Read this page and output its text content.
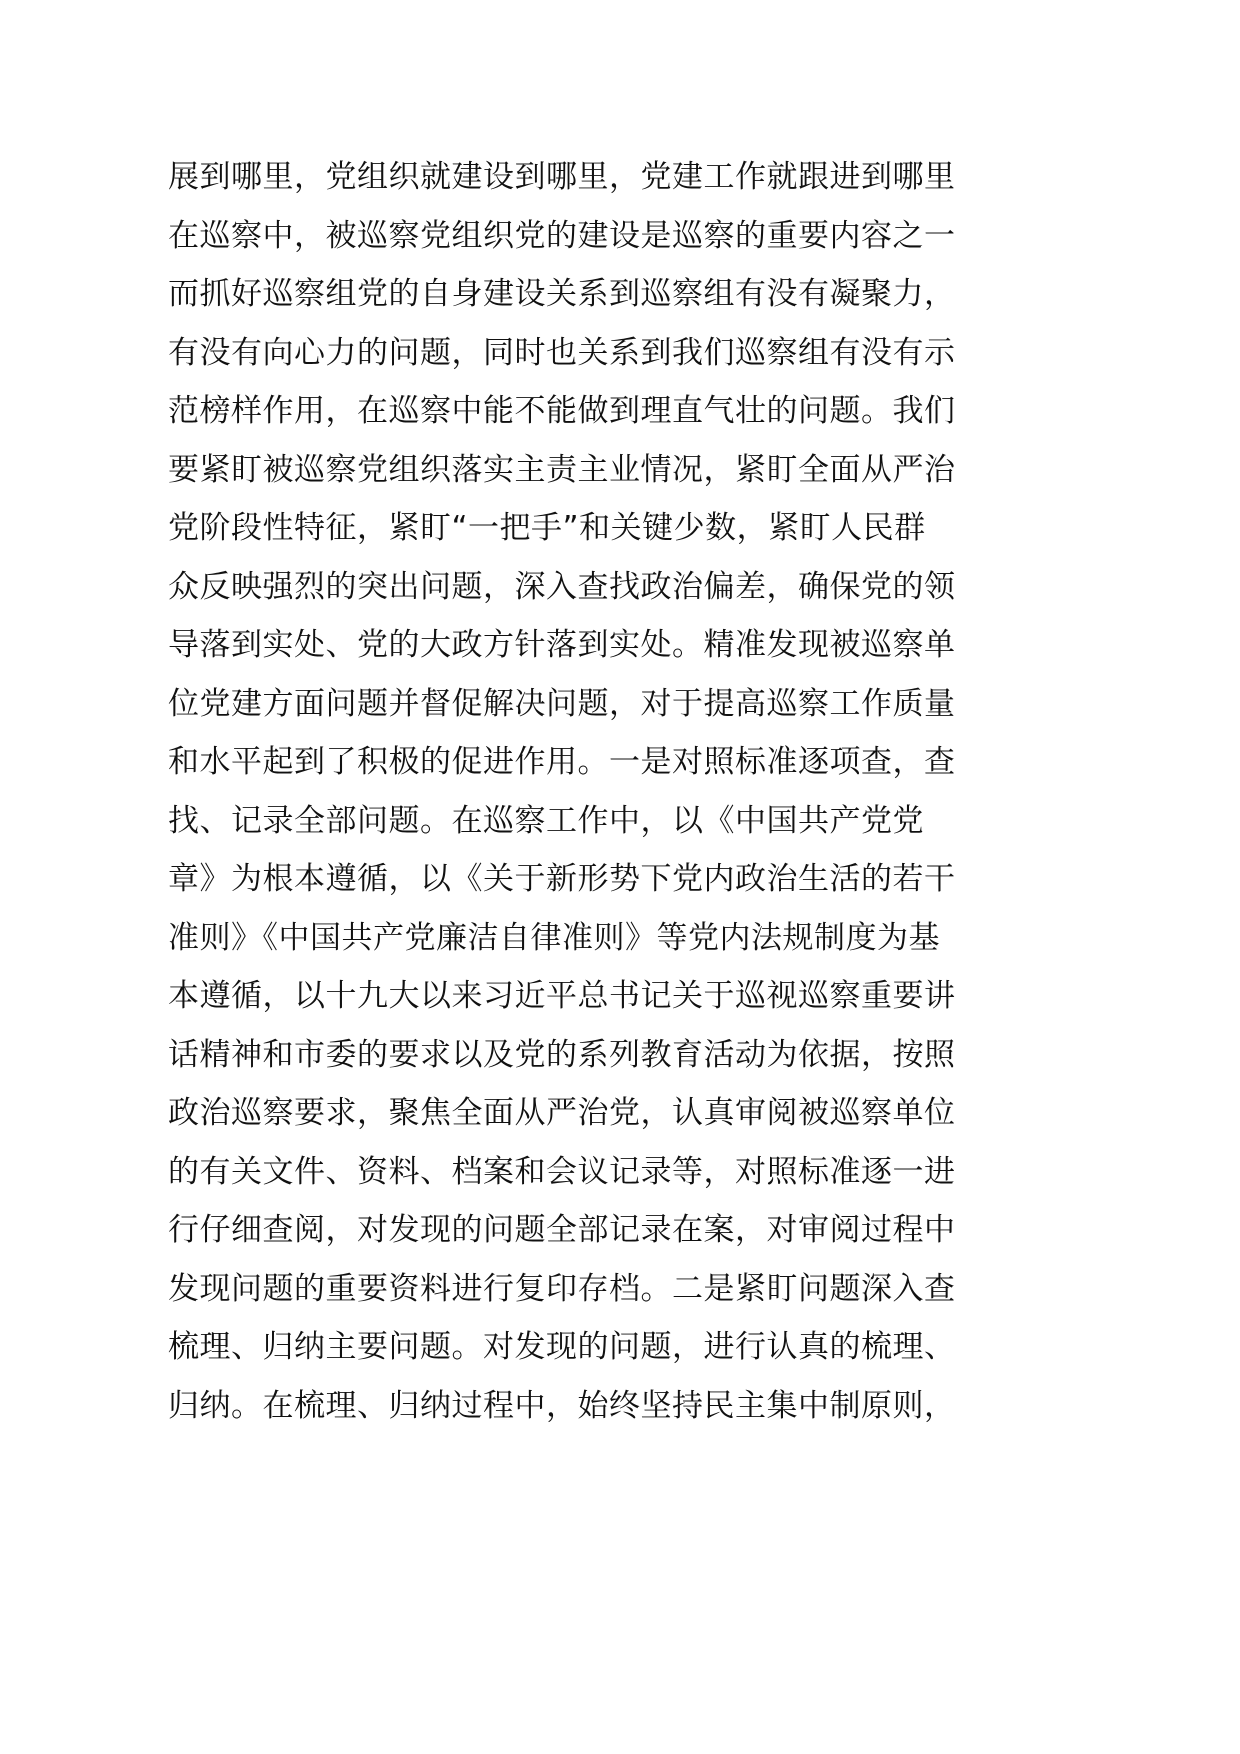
展到哪里，党组织就建设到哪里，党建工作就跟进到哪里
在巡察中，被巡察党组织党的建设是巡察的重要内容之一
而抓好巡察组党的自身建设关系到巡察组有没有凝聚力，
有没有向心力的问题，同时也关系到我们巡察组有没有示
范榜样作用，在巡察中能不能做到理直气壮的问题。我们
要紧盯被巡察党组织落实主责主业情况，紧盯全面从严治
党阶段性特征，紧盯“一把手”和关键少数，紧盯人民群
众反映强烈的突出问题，深入查找政治偏差，确保党的领
导落到实处、党的大政方针落到实处。精准发现被巡察单
位党建方面问题并督促解决问题，对于提高巡察工作质量
和水平起到了积极的促进作用。一是对照标准逐项查，查
找、记录全部问题。在巡察工作中，以《中国共产党党
章》为根本遵循，以《关于新形势下党内政治生活的若干
准则》《中国共产党廉洁自律准则》等党内法规制度为基
本遵循，以十九大以来习近平总书记关于巡视巡察重要讲
话精神和市委的要求以及党的系列教育活动为依据，按照
政治巡察要求，聚焦全面从严治党，认真审阅被巡察单位
的有关文件、资料、档案和会议记录等，对照标准逐一进
行仔细查阅，对发现的问题全部记录在案，对审阅过程中
发现问题的重要资料进行复印存档。二是紧盯问题深入查
梳理、归纳主要问题。对发现的问题，进行认真的梳理、
归纳。在梳理、归纳过程中，始终坚持民主集中制原则，
